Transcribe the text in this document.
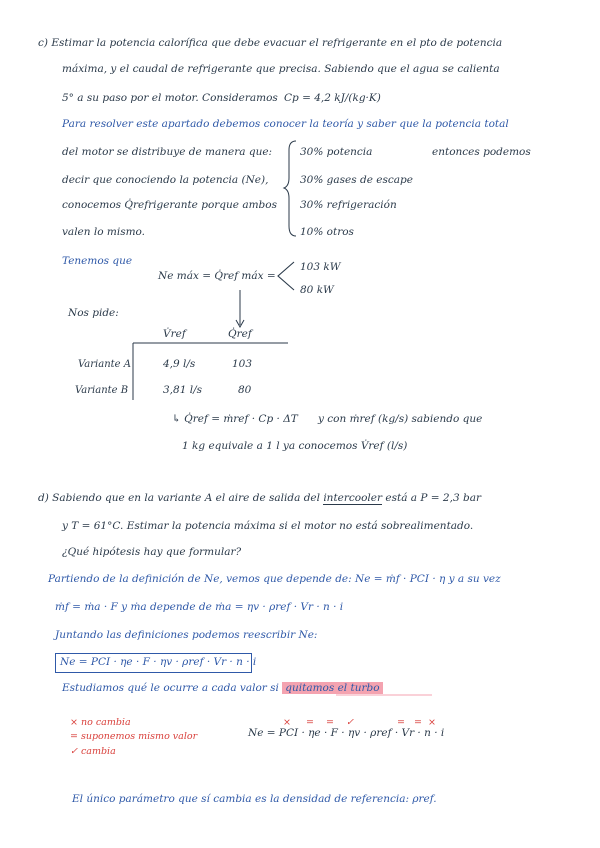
c) Estimar la potencia calorífica que debe evacuar el refrigerante en el pto de potencia
máxima, y el caudal de refrigerante que precisa. Sabiendo que el agua se calienta
5° a su paso por el motor. Consideramos Cp = 4,2 kJ/(kg·K)
Para resolver este apartado debemos conocer la teoría y saber que la potencia total
del motor se distribuye de manera que:
decir que conociendo la potencia (Ne),
conocemos Q̇refrigerante porque ambos
valen lo mismo.
30% potencia
30% gases de escape
30% refrigeración
10% otros
entonces podemos
Tenemos que
Ne máx = Q̇ref máx =
103 kW
80 kW
Nos pide:
V̇ref	Q̇ref
Variante A	4,9 l/s	103
Variante B	3,81 l/s	80
↳ Q̇ref = ṁref · Cp · ΔT y con ṁref (kg/s) sabiendo que
1 kg equivale a 1 l ya conocemos V̇ref (l/s)
d) Sabiendo que en la variante A el aire de salida del intercooler está a P = 2,3 bar
y T = 61°C. Estimar la potencia máxima si el motor no está sobrealimentado.
¿Qué hipótesis hay que formular?
Partiendo de la definición de Ne, vemos que depende de: Ne = ṁf · PCI · η y a su vez
ṁf = ṁa · F y ṁa depende de ṁa = ηv · ρref · Vr · n · i
Juntando las definiciones podemos reescribir Ne:
Ne = PCI · ηe · F · ηv · ρref · Vr · n · i
Estudiamos qué le ocurre a cada valor si quitamos el turbo
× no cambia
= suponemos mismo valor
✓ cambia
× = = ✓	= = ×
Ne = PCI · ηe · F · ηv · ρref · Vr · n · i
El único parámetro que sí cambia es la densidad de referencia: ρref.
